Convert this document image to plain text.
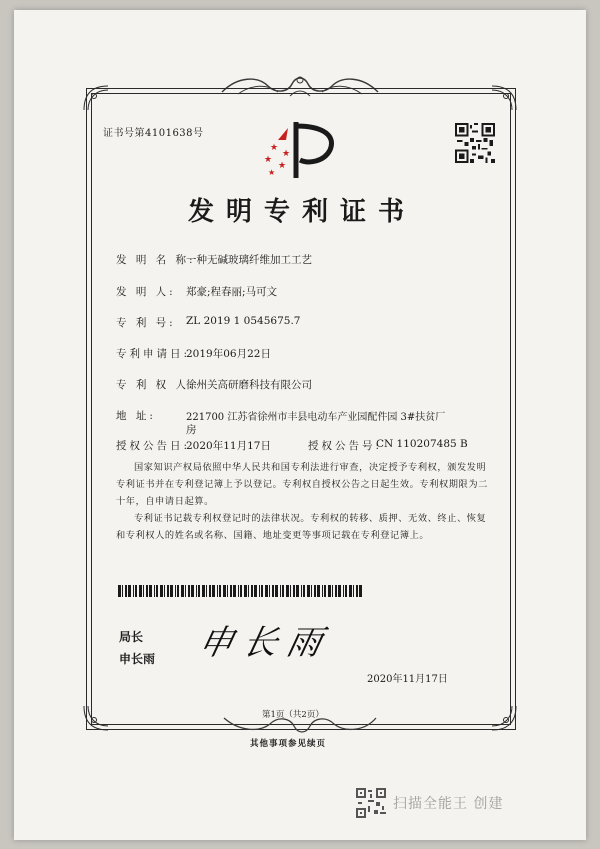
证书号第4101638号
★
★
★
★
★
发明专利证书
发 明 名 称:
一种无碱玻璃纤维加工工艺
发 明 人: 郑豪;程春丽;马可文
专 利 号: ZL 2019 1 0545675.7
专利申请日:
2019年06月22日
专 利 权 人:
徐州关高研磨科技有限公司
地 址:	221700 江苏省徐州市丰县电动车产业园配件园 3#扶贫厂
房
授权公告日:
2020年11月17日	授权公告号:
CN 110207485 B
国家知识产权局依照中华人民共和国专利法进行审查，决定授予专利权，颁发发明专利证书并在专利登记簿上予以登记。专利权自授权公告之日起生效。专利权期限为二十年，自申请日起算。
专利证书记载专利权登记时的法律状况。专利权的转移、质押、无效、终止、恢复和专利权人的姓名或名称、国籍、地址变更等事项记载在专利登记簿上。
局长
申长雨 申长雨
2020年11月17日
第1页（共2页）
其他事项参见续页
扫描全能王 创建
